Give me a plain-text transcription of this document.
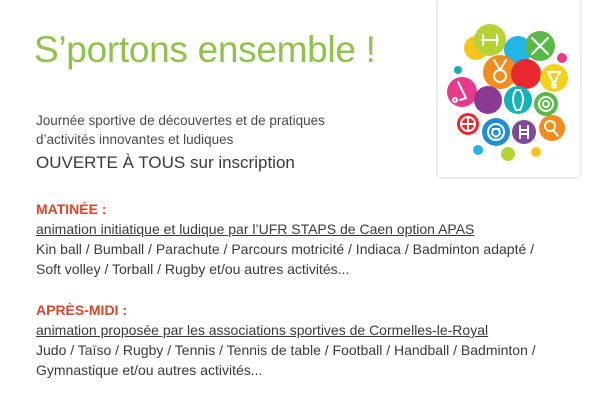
S’portons ensemble !

Journée sportive de découvertes et de pratiques

d’activités innovantes et ludiques

OUVERTE À TOUS sur inscription

MATINÉE :

animation initiatique et ludique par l’UFR STAPS de Caen option APAS

Kin ball / Bumball / Parachute / Parcours motricité / Indiaca / Badminton adapté /

Soft volley / Torball / Rugby et/ou autres activités...

APRÈS-MIDI :

animation proposée par les associations sportives de Cormelles-le-Royal

Judo / Taïso / Rugby / Tennis / Tennis de table / Football / Handball / Badminton /

Gymnastique et/ou autres activités...
